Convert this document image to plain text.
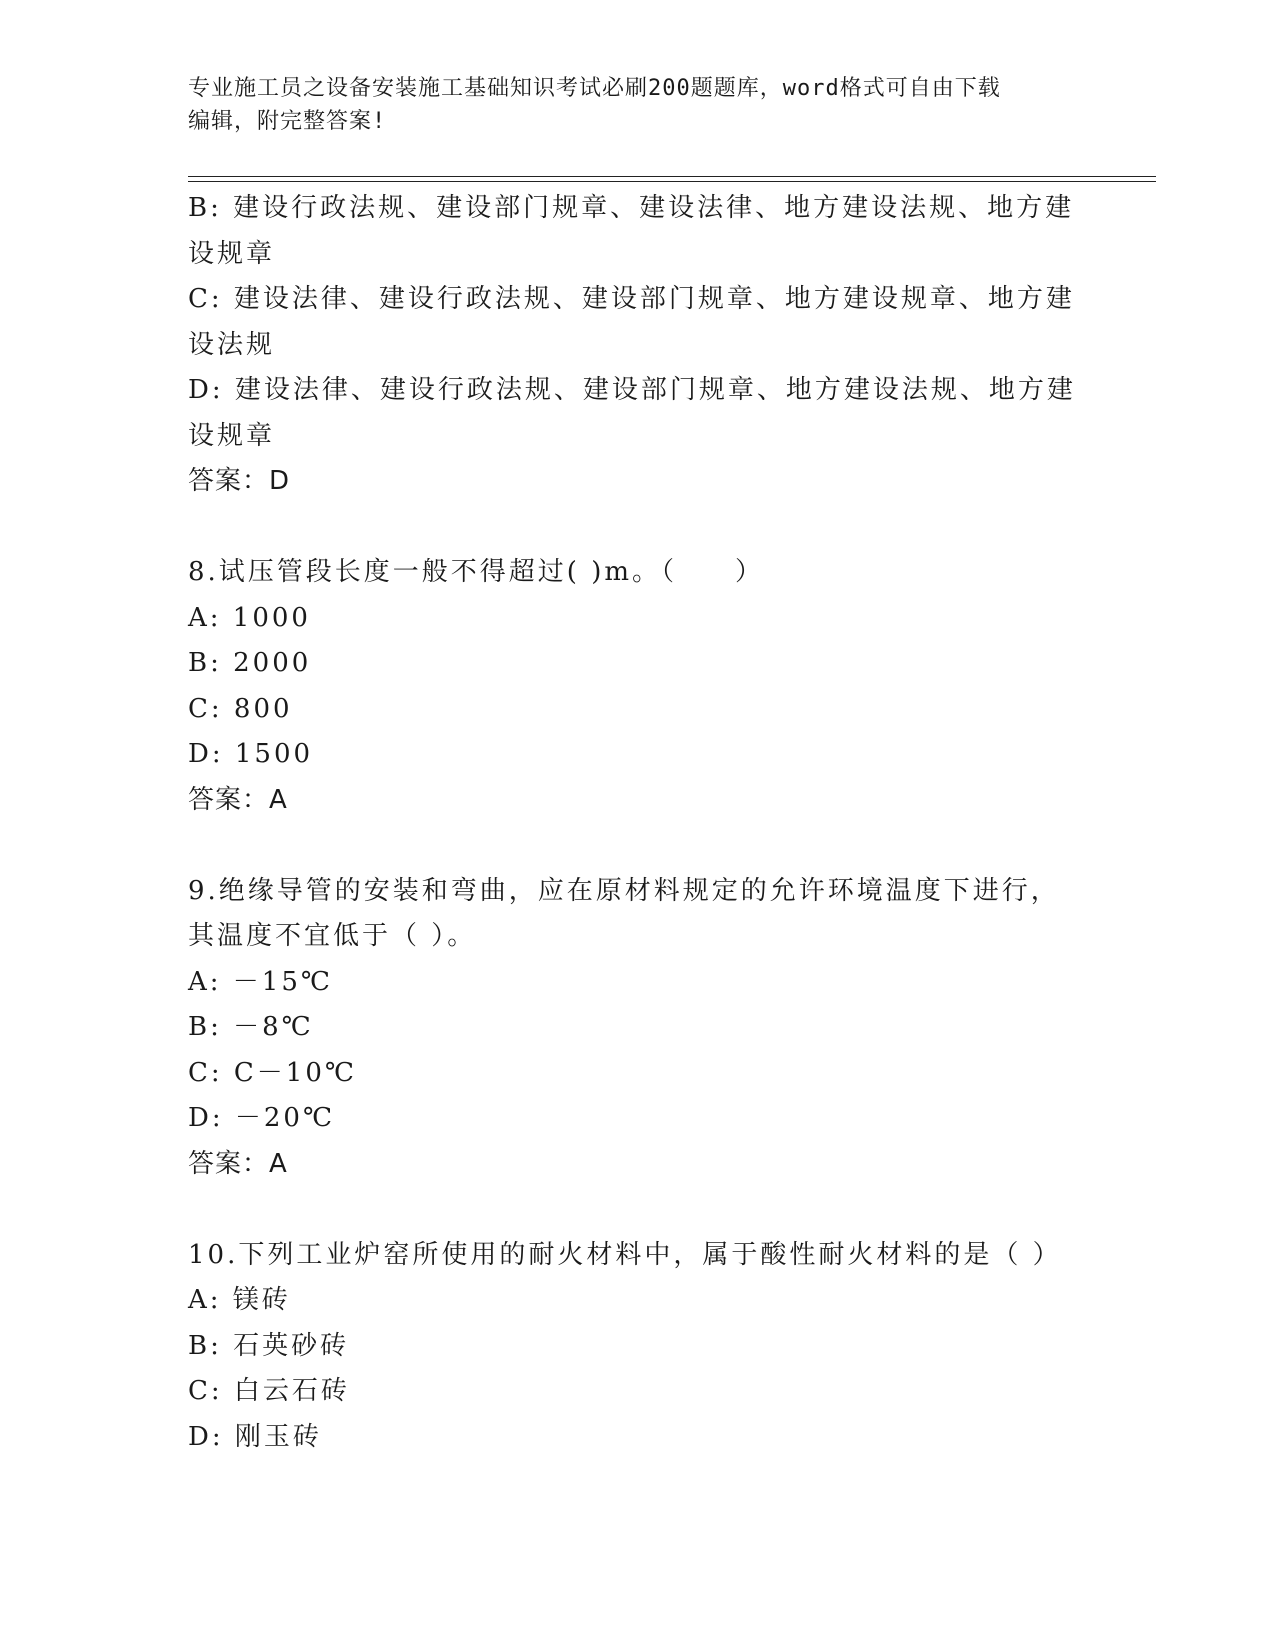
专业施工员之设备安装施工基础知识考试必刷200题题库，word格式可自由下载
编辑，附完整答案!
B: 建设行政法规、建设部门规章、建设法律、地方建设法规、地方建
设规章
C: 建设法律、建设行政法规、建设部门规章、地方建设规章、地方建
设法规
D: 建设法律、建设行政法规、建设部门规章、地方建设法规、地方建
设规章
答案：D
8.试压管段长度一般不得超过( )m。（　　）
A: 1000
B: 2000
C: 800
D: 1500
答案：A
9.绝缘导管的安装和弯曲，应在原材料规定的允许环境温度下进行，
其温度不宜低于（ ）。
A: －15℃
B: －8℃
C: C－10℃
D: －20℃
答案：A
10.下列工业炉窑所使用的耐火材料中，属于酸性耐火材料的是（ ）
A: 镁砖
B: 石英砂砖
C: 白云石砖
D: 刚玉砖
